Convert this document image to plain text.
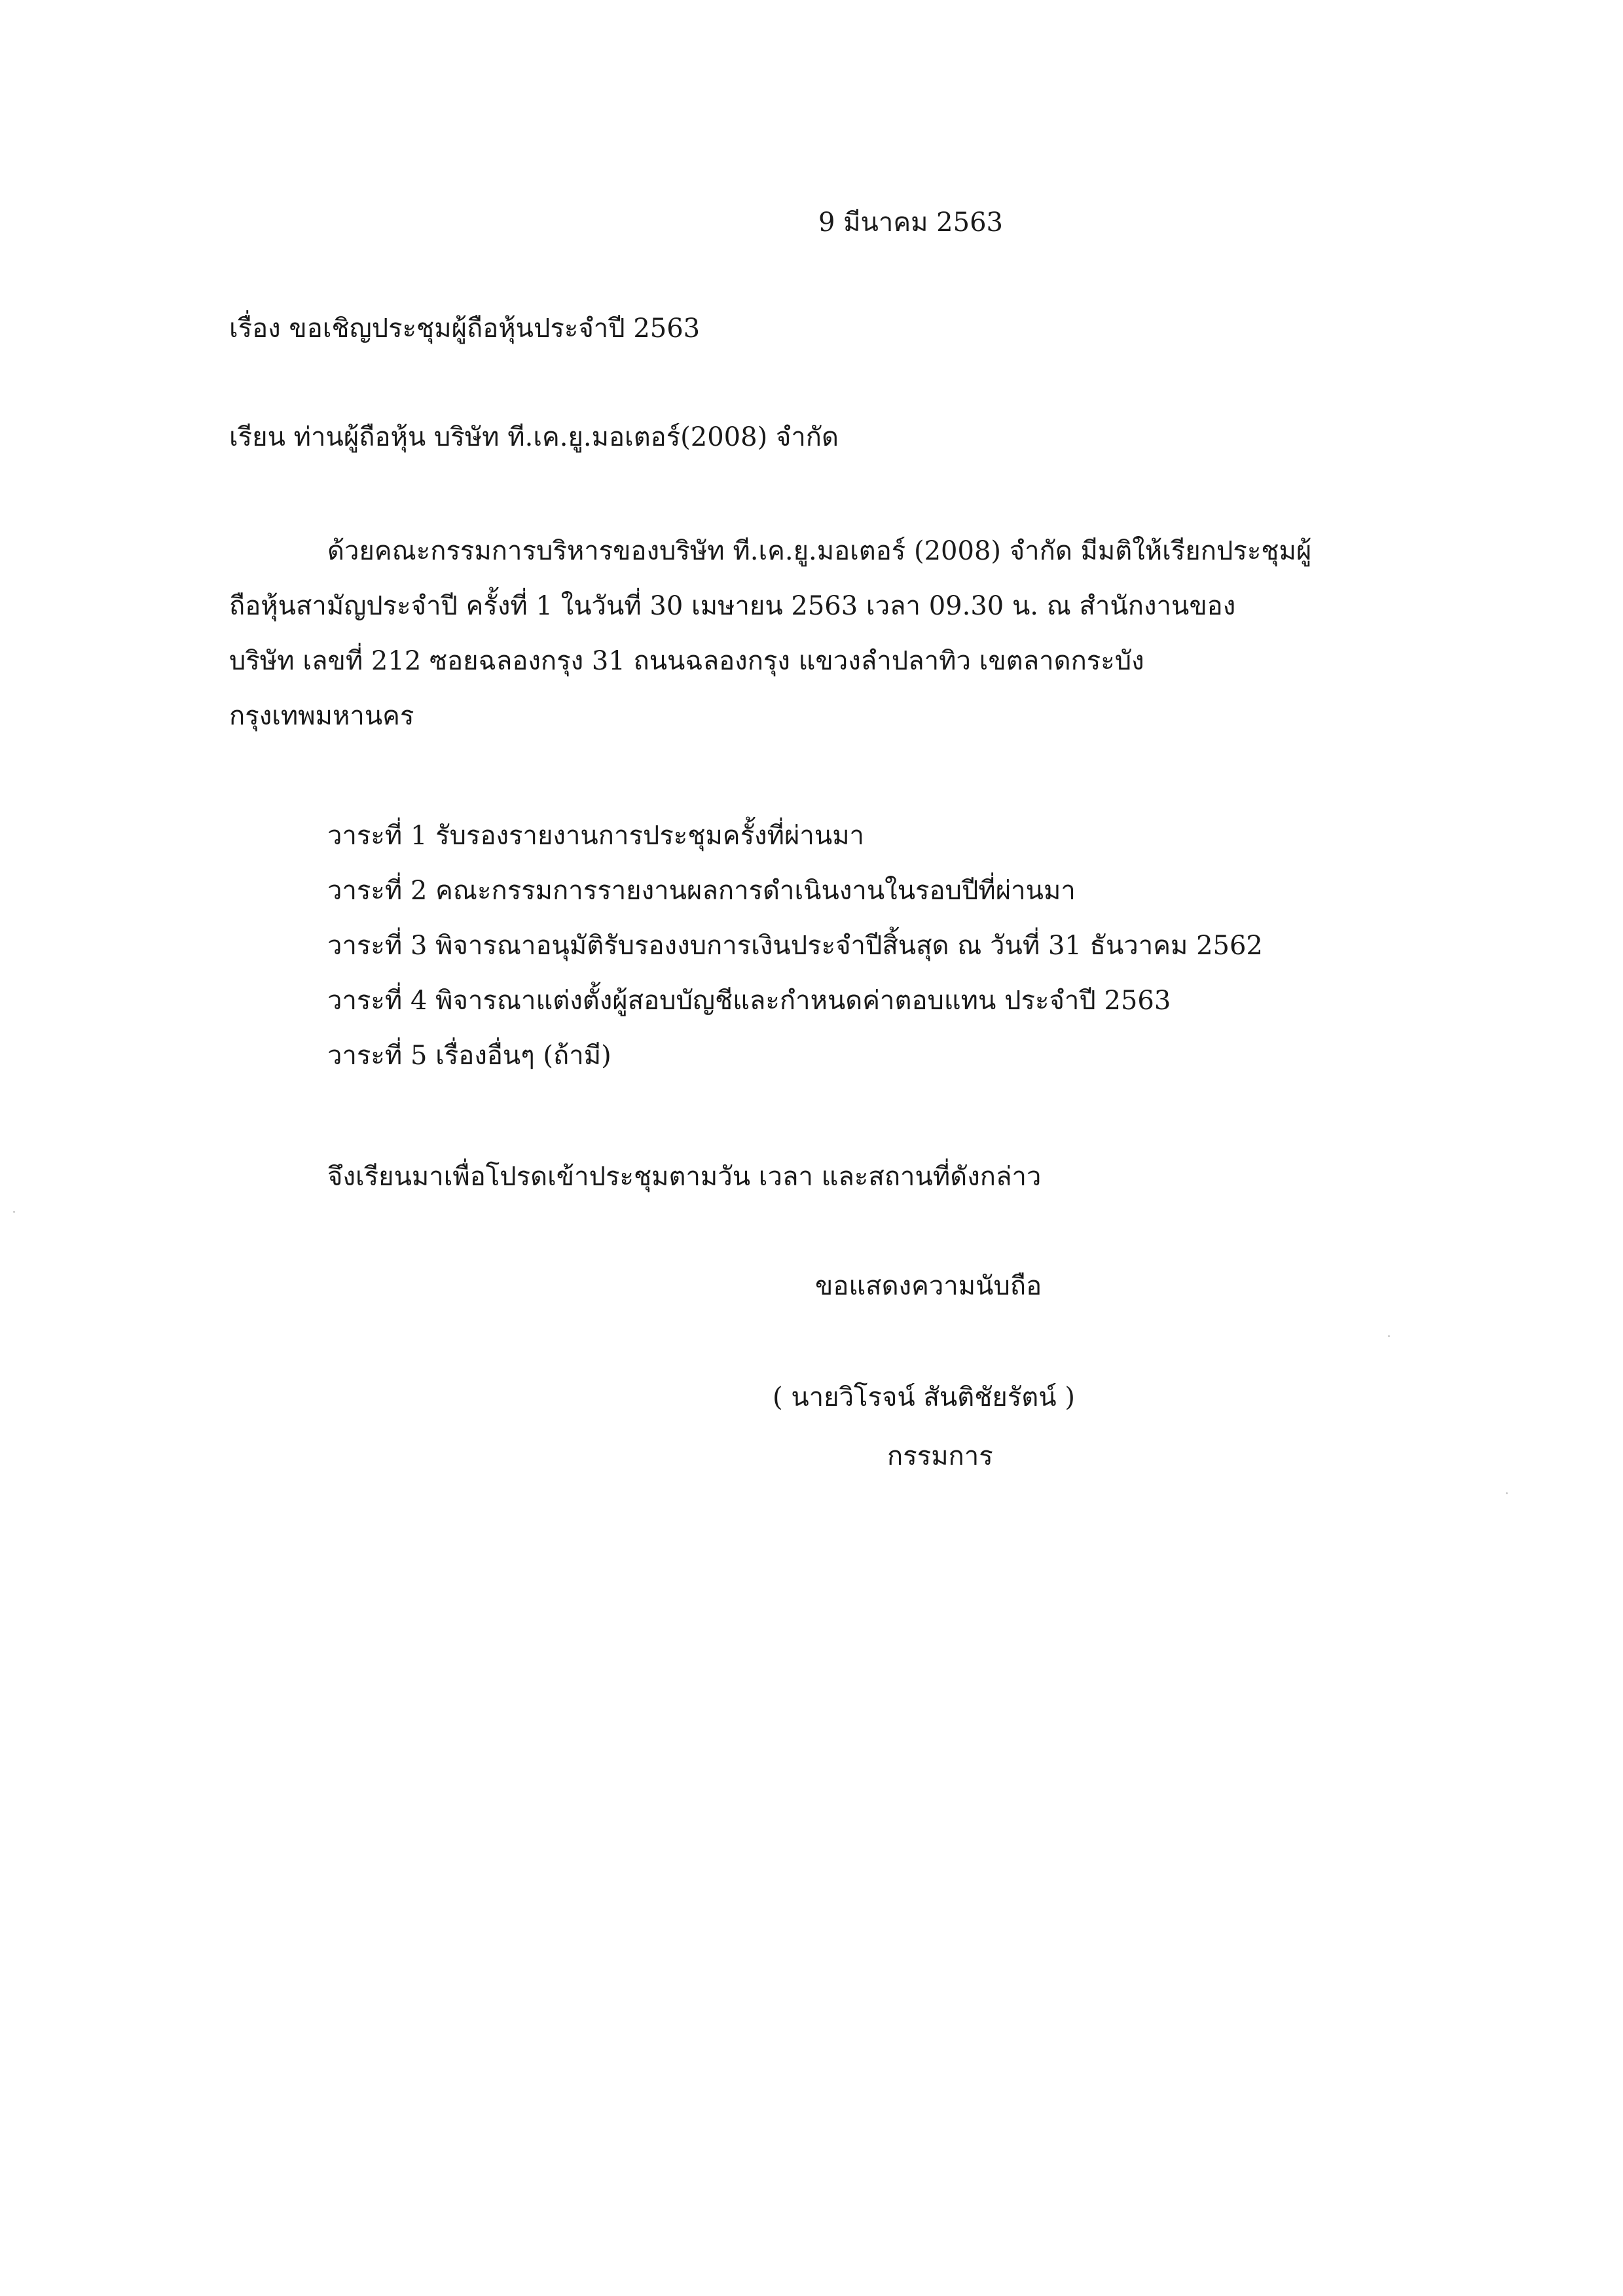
9 มีนาคม 2563
เรื่อง ขอเชิญประชุมผู้ถือหุ้นประจำปี 2563
เรียน ท่านผู้ถือหุ้น บริษัท ที.เค.ยู.มอเตอร์(2008) จำกัด
ด้วยคณะกรรมการบริหารของบริษัท ที.เค.ยู.มอเตอร์ (2008) จำกัด มีมติให้เรียกประชุมผู้
ถือหุ้นสามัญประจำปี ครั้งที่ 1 ในวันที่ 30 เมษายน 2563 เวลา 09.30 น. ณ สำนักงานของ
บริษัท เลขที่ 212 ซอยฉลองกรุง 31 ถนนฉลองกรุง แขวงลำปลาทิว เขตลาดกระบัง
กรุงเทพมหานคร
วาระที่ 1 รับรองรายงานการประชุมครั้งที่ผ่านมา
วาระที่ 2 คณะกรรมการรายงานผลการดำเนินงานในรอบปีที่ผ่านมา
วาระที่ 3 พิจารณาอนุมัติรับรองงบการเงินประจำปีสิ้นสุด ณ วันที่ 31 ธันวาคม 2562
วาระที่ 4 พิจารณาแต่งตั้งผู้สอบบัญชีและกำหนดค่าตอบแทน ประจำปี 2563
วาระที่ 5 เรื่องอื่นๆ (ถ้ามี)
จึงเรียนมาเพื่อโปรดเข้าประชุมตามวัน เวลา และสถานที่ดังกล่าว
ขอแสดงความนับถือ
( นายวิโรจน์ สันติชัยรัตน์ )
กรรมการ
